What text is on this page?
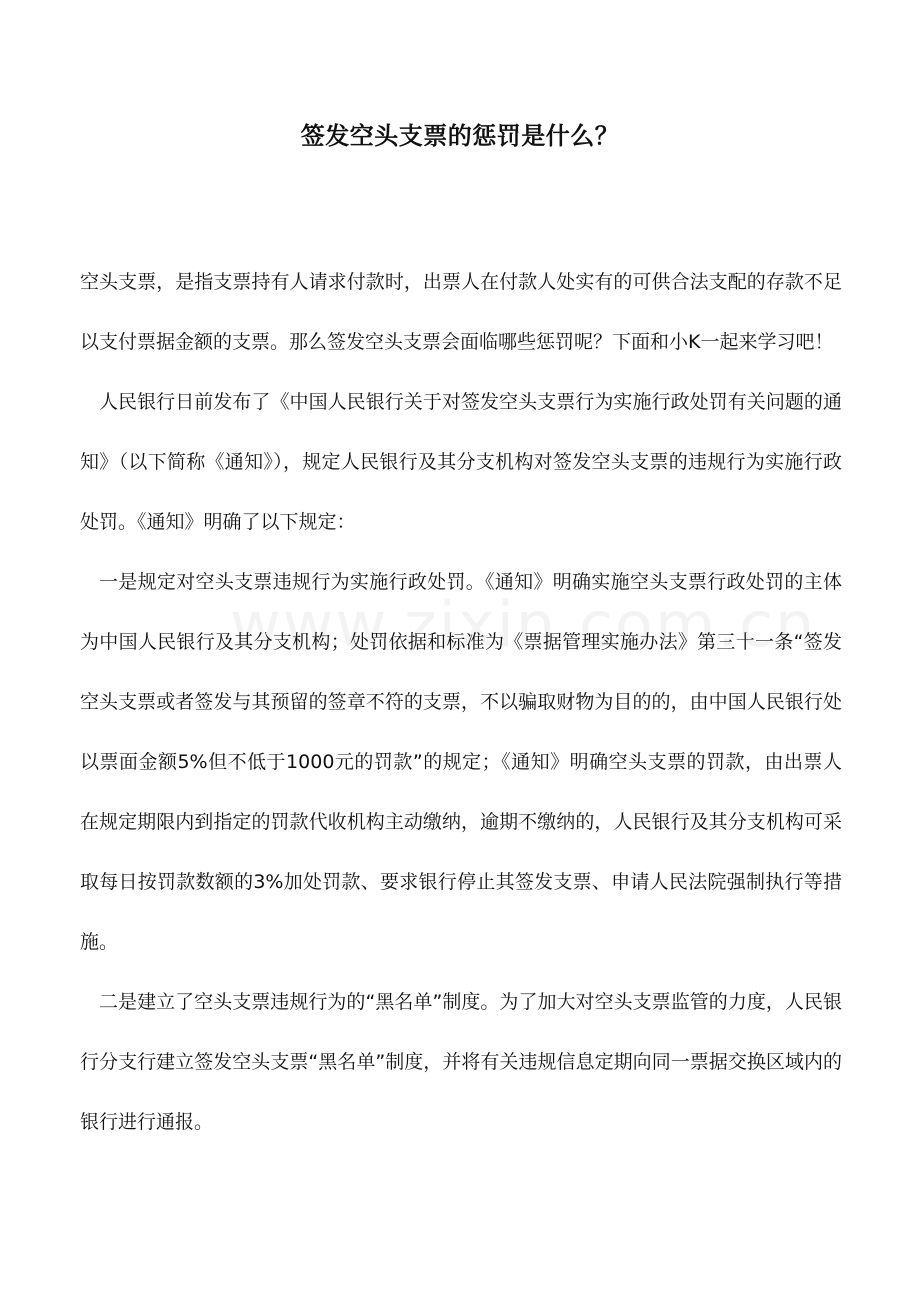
签发空头支票的惩罚是什么？

空头支票，是指支票持有人请求付款时，出票人在付款人处实有的可供合法支配的存款不足以支付票据金额的支票。那么签发空头支票会面临哪些惩罚呢？下面和小K一起来学习吧！

人民银行日前发布了《中国人民银行关于对签发空头支票行为实施行政处罚有关问题的通知》（以下简称《通知》），规定人民银行及其分支机构对签发空头支票的违规行为实施行政处罚。《通知》明确了以下规定：

一是规定对空头支票违规行为实施行政处罚。《通知》明确实施空头支票行政处罚的主体为中国人民银行及其分支机构；处罚依据和标准为《票据管理实施办法》第三十一条“签发空头支票或者签发与其预留的签章不符的支票，不以骗取财物为目的的，由中国人民银行处以票面金额5%但不低于1000元的罚款”的规定；《通知》明确空头支票的罚款，由出票人在规定期限内到指定的罚款代收机构主动缴纳，逾期不缴纳的，人民银行及其分支机构可采取每日按罚款数额的3%加处罚款、要求银行停止其签发支票、申请人民法院强制执行等措施。

二是建立了空头支票违规行为的“黑名单”制度。为了加大对空头支票监管的力度，人民银行分支行建立签发空头支票“黑名单”制度，并将有关违规信息定期向同一票据交换区域内的银行进行通报。
